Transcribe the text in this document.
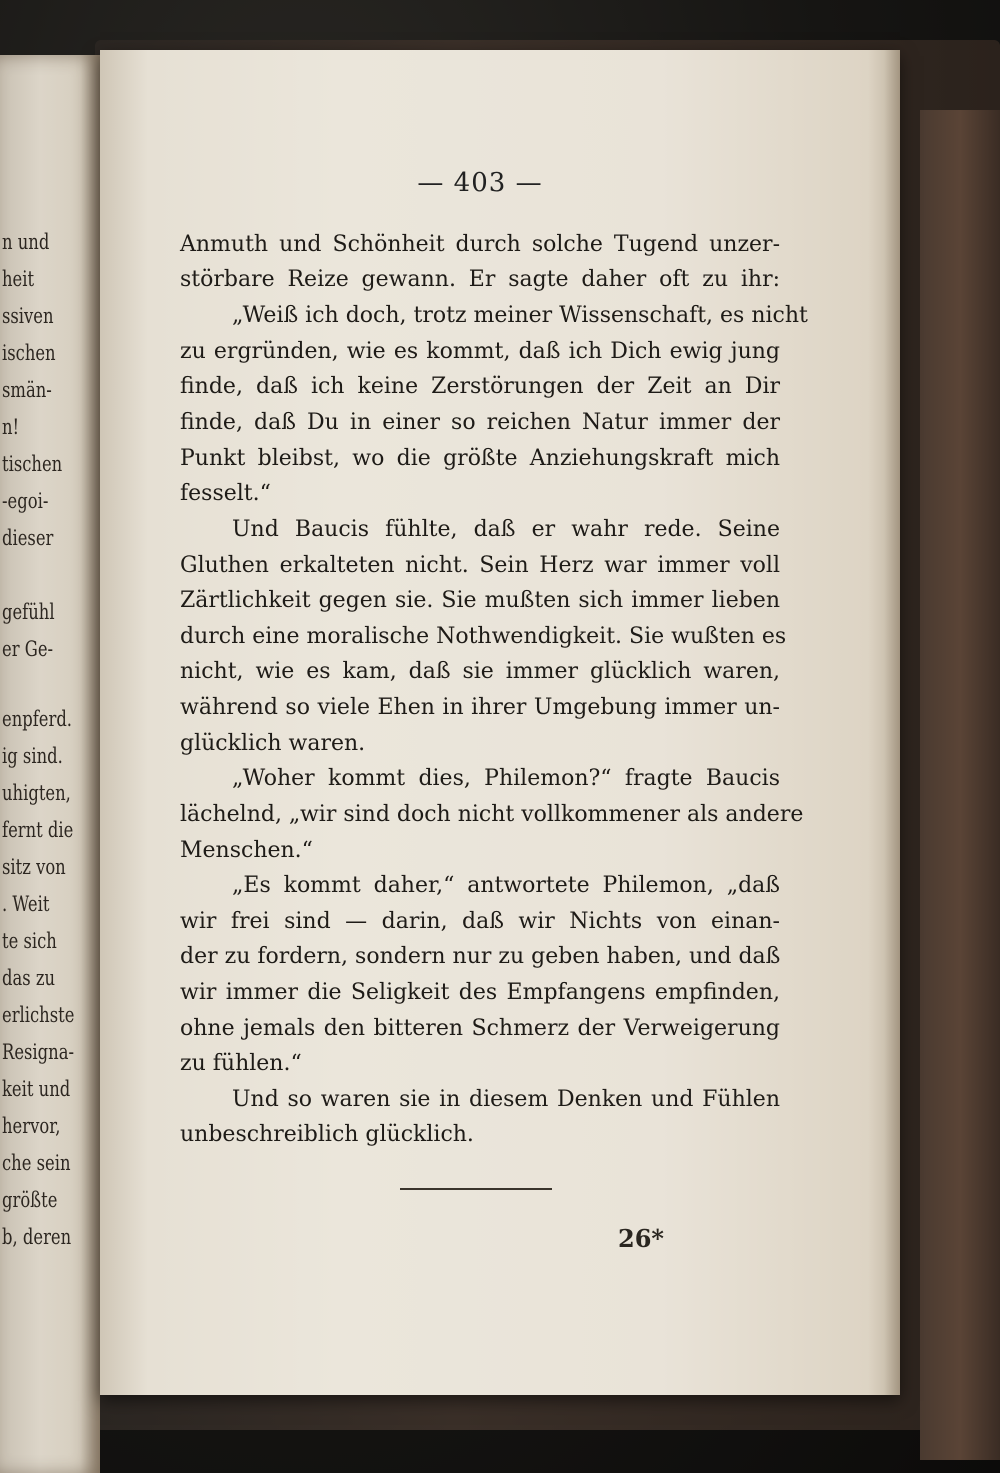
n und
heit
ssiven
ischen
smän-
n!
tischen
-egoi-
dieser
gefühl
er Ge-
enpferd.
ig sind.
uhigten,
fernt die
sitz von
. Weit
te sich
das zu
erlichste
Resigna-
keit und
hervor,
che sein
größte
b, deren
— 403 —
Anmuth und Schönheit durch solche Tugend unzer-
störbare Reize gewann. Er sagte daher oft zu ihr:
„Weiß ich doch, trotz meiner Wissenschaft, es nicht
zu ergründen, wie es kommt, daß ich Dich ewig jung
finde, daß ich keine Zerstörungen der Zeit an Dir
finde, daß Du in einer so reichen Natur immer der
Punkt bleibst, wo die größte Anziehungskraft mich
fesselt.“
Und Baucis fühlte, daß er wahr rede. Seine
Gluthen erkalteten nicht. Sein Herz war immer voll
Zärtlichkeit gegen sie. Sie mußten sich immer lieben
durch eine moralische Nothwendigkeit. Sie wußten es
nicht, wie es kam, daß sie immer glücklich waren,
während so viele Ehen in ihrer Umgebung immer un-
glücklich waren.
„Woher kommt dies, Philemon?“ fragte Baucis
lächelnd, „wir sind doch nicht vollkommener als andere
Menschen.“
„Es kommt daher,“ antwortete Philemon, „daß
wir frei sind — darin, daß wir Nichts von einan-
der zu fordern, sondern nur zu geben haben, und daß
wir immer die Seligkeit des Empfangens empfinden,
ohne jemals den bitteren Schmerz der Verweigerung
zu fühlen.“
Und so waren sie in diesem Denken und Fühlen
unbeschreiblich glücklich.
26*
